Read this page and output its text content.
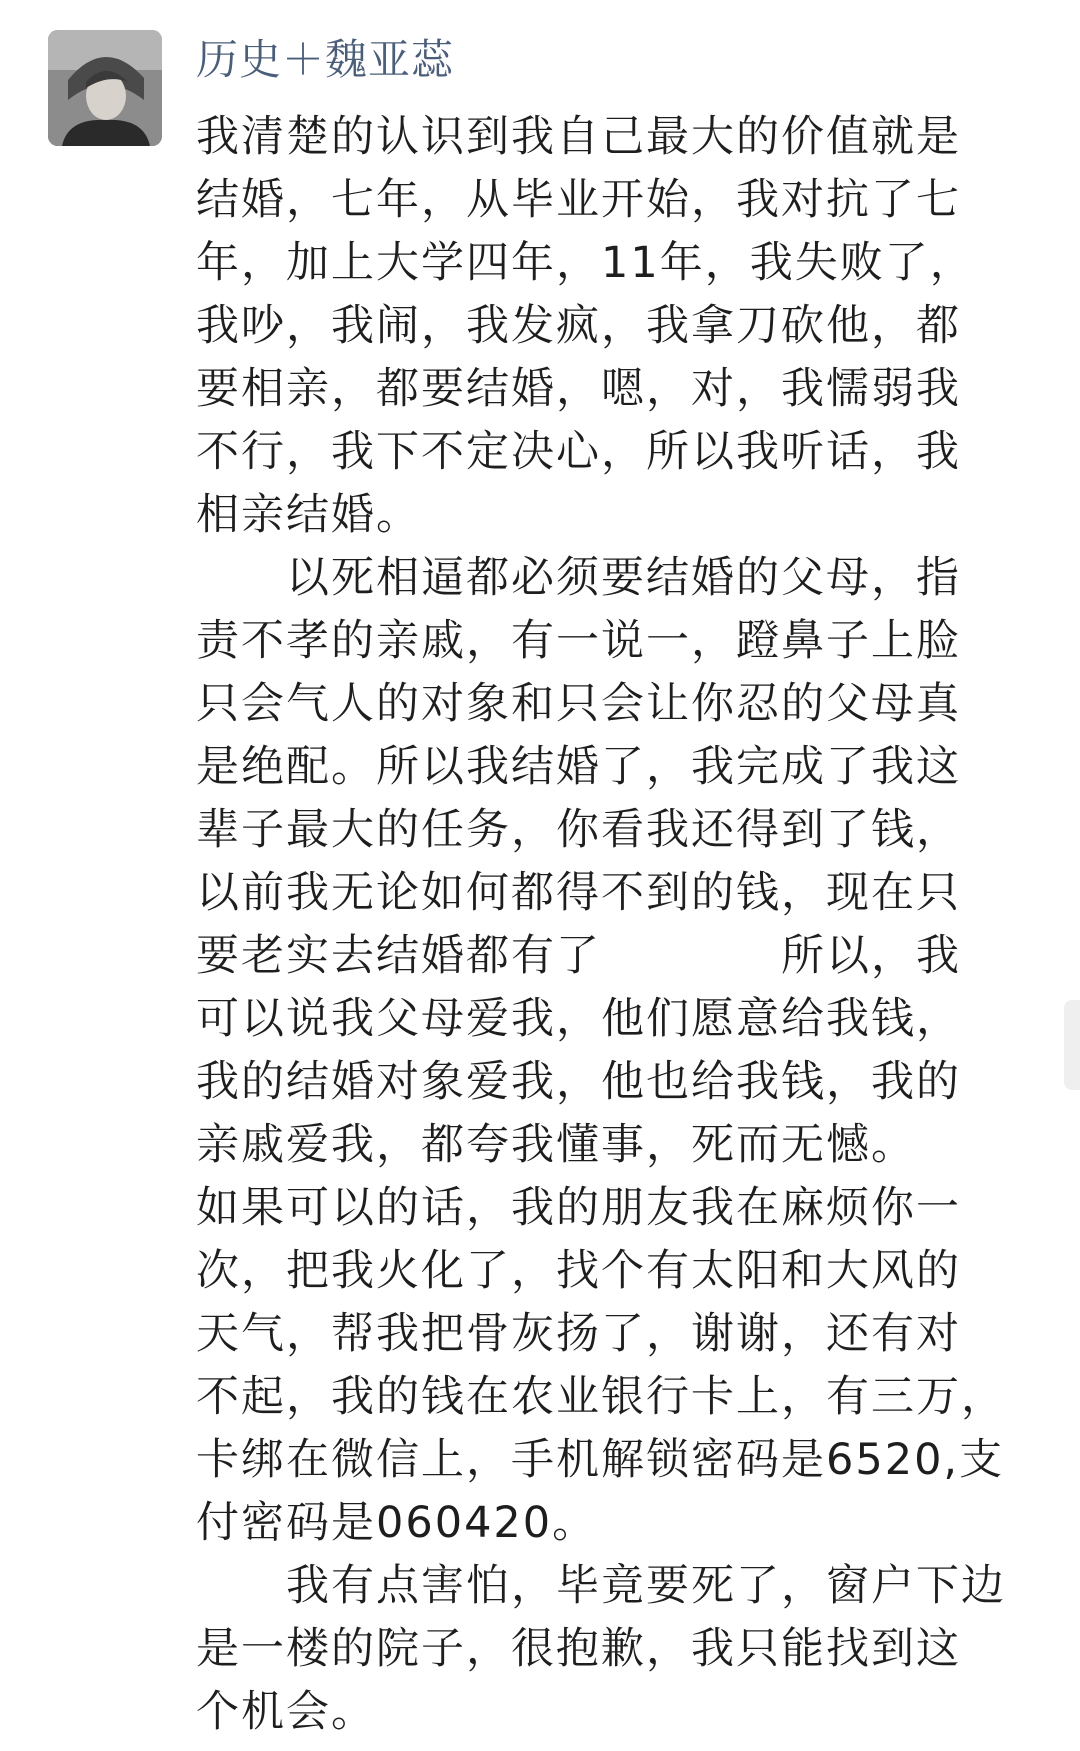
历史＋魏亚蕊
我清楚的认识到我自己最大的价值就是
结婚，七年，从毕业开始，我对抗了七
年，加上大学四年，11年，我失败了，
我吵，我闹，我发疯，我拿刀砍他，都
要相亲，都要结婚，嗯，对，我懦弱我
不行，我下不定决心，所以我听话，我
相亲结婚。
　　以死相逼都必须要结婚的父母，指
责不孝的亲戚，有一说一，蹬鼻子上脸
只会气人的对象和只会让你忍的父母真
是绝配。所以我结婚了，我完成了我这
辈子最大的任务，你看我还得到了钱，
以前我无论如何都得不到的钱，现在只
要老实去结婚都有了　　　　所以，我
可以说我父母爱我，他们愿意给我钱，
我的结婚对象爱我，他也给我钱，我的
亲戚爱我，都夸我懂事，死而无憾。
如果可以的话，我的朋友我在麻烦你一
次，把我火化了，找个有太阳和大风的
天气，帮我把骨灰扬了，谢谢，还有对
不起，我的钱在农业银行卡上，有三万，
卡绑在微信上，手机解锁密码是6520,支
付密码是060420。
　　我有点害怕，毕竟要死了，窗户下边
是一楼的院子，很抱歉，我只能找到这
个机会。
